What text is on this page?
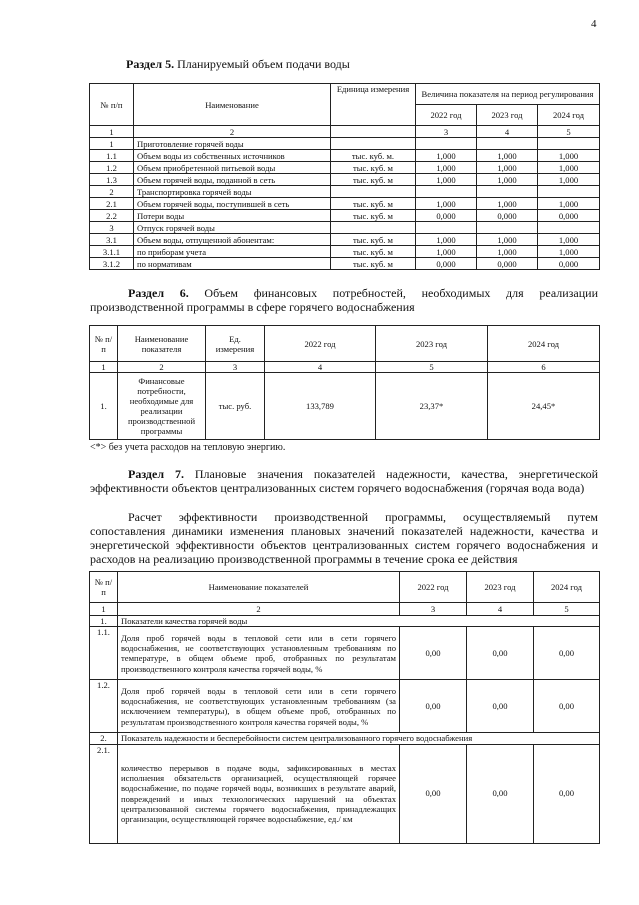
4
Раздел 5. Планируемый объем подачи воды
№ п/п	Наименование	Единица измерения	Величина показателя на период регулирования		
			2022 год	2023 год	2024 год
1	2		3	4	5
1	Приготовление горячей воды				
1.1	Объем воды из собственных источников	тыс. куб. м.	1,000	1,000	1,000
1.2	Объем приобретенной питьевой воды	тыс. куб. м	1,000	1,000	1,000
1.3	Объем горячей воды, поданной в сеть	тыс. куб. м	1,000	1,000	1,000
2	Транспортировка горячей воды				
2.1	Объем горячей воды, поступившей в сеть	тыс. куб. м	1,000	1,000	1,000
2.2	Потери воды	тыс. куб. м	0,000	0,000	0,000
3	Отпуск горячей воды				
3.1	Объем воды, отпущенной абонентам:	тыс. куб. м	1,000	1,000	1,000
3.1.1	по приборам учета	тыс. куб. м	1,000	1,000	1,000
3.1.2	по нормативам	тыс. куб. м	0,000	0,000	0,000
Раздел 6. Объем финансовых потребностей, необходимых для реализации
производственной программы в сфере горячего водоснабжения
№ п/п	Наименование показателя	Ед. измерения	2022 год	2023 год	2024 год
1	2	3	4	5	6
1.	Финансовые потребности, необходимые для реализации производственной программы	тыс. руб.	133,789	23,37*	24,45*
<*> без учета расходов на тепловую энергию.
Раздел 7. Плановые значения показателей надежности, качества, энергетической эффективности объектов централизованных систем горячего водоснабжения (горячая вода вода)
Расчет эффективности производственной программы, осуществляемый путем сопоставления динамики изменения плановых значений показателей надежности, качества и энергетической эффективности объектов централизованных систем горячего водоснабжения и расходов на реализацию производственной программы в течение срока ее действия
№ п/п	Наименование показателей	2022 год	2023 год	2024 год
1	2	3	4	5
1.	Показатели качества горячей воды			
1.1.	Доля проб горячей воды в тепловой сети или в сети горячего водоснабжения, не соответствующих установленным требованиям по температуре, в общем объеме проб, отобранных по результатам производственного контроля качества горячей воды, %	0,00	0,00	0,00
1.2.	Доля проб горячей воды в тепловой сети или в сети горячего водоснабжения, не соответствующих установленным требованиям (за исключением температуры), в общем объеме проб, отобранных по результатам производственного контроля качества горячей воды, %	0,00	0,00	0,00
2.	Показатель надежности и бесперебойности систем централизованного горячего водоснабжения			
2.1.	количество перерывов в подаче воды, зафиксированных в местах исполнения обязательств организацией, осуществляющей горячее водоснабжение, по подаче горячей воды, возникших в результате аварий, повреждений и иных технологических нарушений на объектах централизованной системы горячего водоснабжения, принадлежащих организации, осуществляющей горячее водоснабжение, ед./ км	0,00	0,00	0,00
